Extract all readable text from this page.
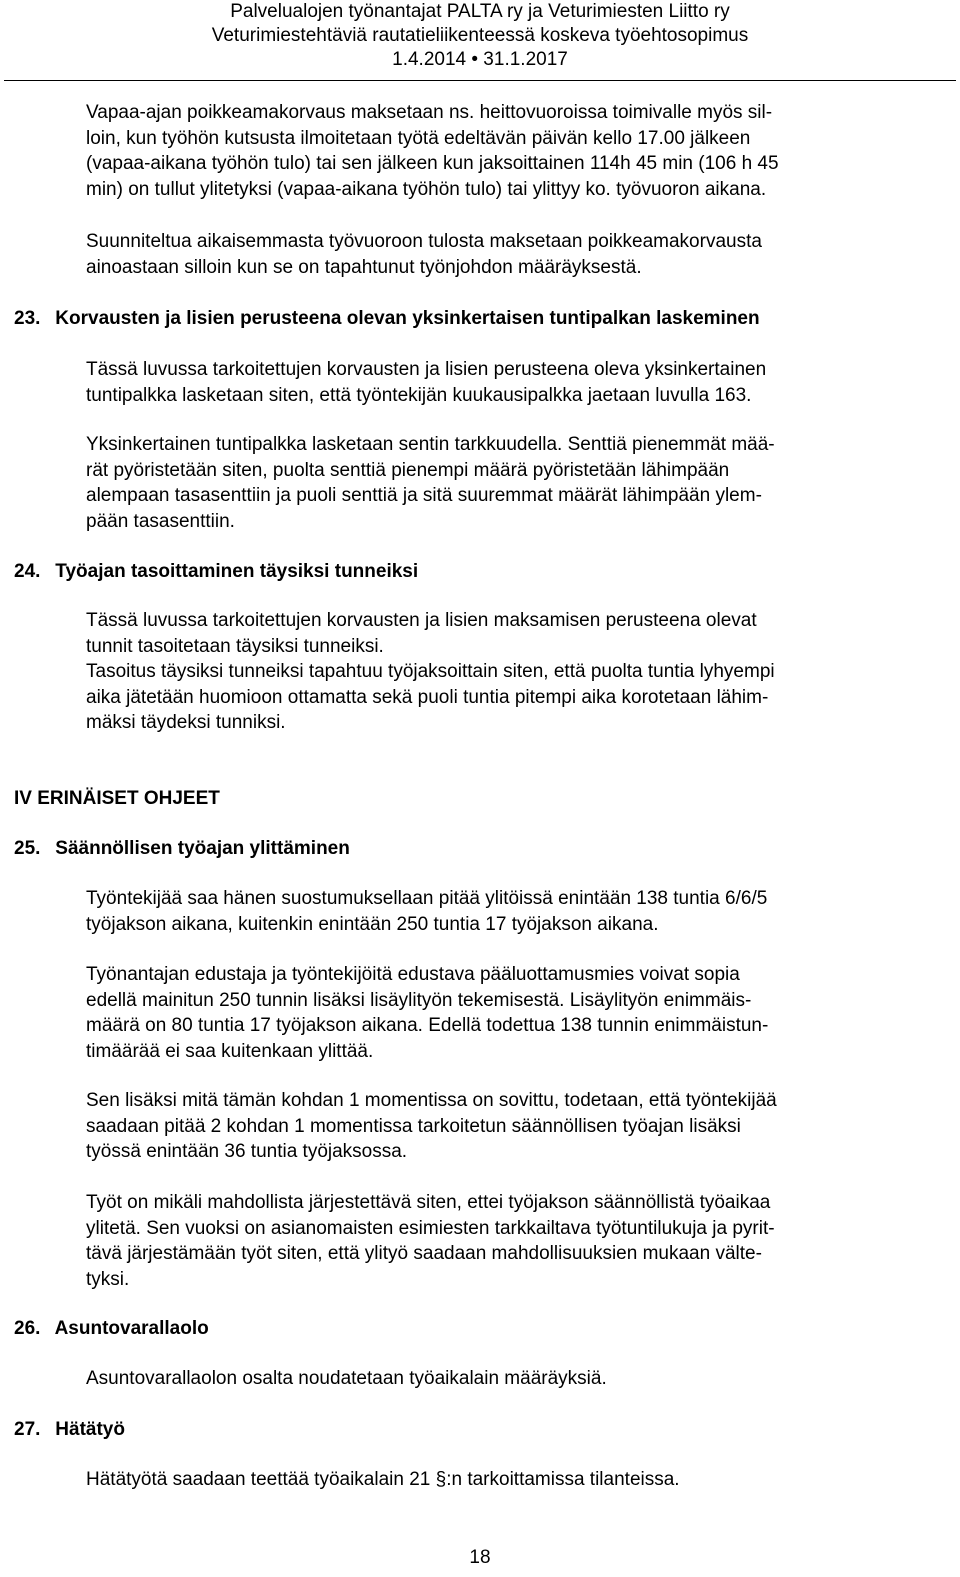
Palvelualojen työnantajat PALTA ry ja Veturimiesten Liitto ry
Veturimiestehtäviä rautatieliikenteessä koskeva työehtosopimus
1.4.2014 • 31.1.2017
Vapaa-ajan poikkeamakorvaus maksetaan ns. heittovuoroissa toimivalle myös sil-
loin, kun työhön kutsusta ilmoitetaan työtä edeltävän päivän kello 17.00 jälkeen
(vapaa-aikana työhön tulo) tai sen jälkeen kun jaksoittainen 114h 45 min (106 h 45
min) on tullut ylitetyksi (vapaa-aikana työhön tulo) tai ylittyy ko. työvuoron aikana.
Suunniteltua aikaisemmasta työvuoroon tulosta maksetaan poikkeamakorvausta
ainoastaan silloin kun se on tapahtunut työnjohdon määräyksestä.
23. Korvausten ja lisien perusteena olevan yksinkertaisen tuntipalkan laskeminen
Tässä luvussa tarkoitettujen korvausten ja lisien perusteena oleva yksinkertainen
tuntipalkka lasketaan siten, että työntekijän kuukausipalkka jaetaan luvulla 163.
Yksinkertainen tuntipalkka lasketaan sentin tarkkuudella. Senttiä pienemmät mää-
rät pyöristetään siten, puolta senttiä pienempi määrä pyöristetään lähimpään
alempaan tasasenttiin ja puoli senttiä ja sitä suuremmat määrät lähimpään ylem-
pään tasasenttiin.
24. Työajan tasoittaminen täysiksi tunneiksi
Tässä luvussa tarkoitettujen korvausten ja lisien maksamisen perusteena olevat
tunnit tasoitetaan täysiksi tunneiksi.
Tasoitus täysiksi tunneiksi tapahtuu työjaksoittain siten, että puolta tuntia lyhyempi
aika jätetään huomioon ottamatta sekä puoli tuntia pitempi aika korotetaan lähim-
mäksi täydeksi tunniksi.
IV ERINÄISET OHJEET
25. Säännöllisen työajan ylittäminen
Työntekijää saa hänen suostumuksellaan pitää ylitöissä enintään 138 tuntia 6/6/5
työjakson aikana, kuitenkin enintään 250 tuntia 17 työjakson aikana.
Työnantajan edustaja ja työntekijöitä edustava pääluottamusmies voivat sopia
edellä mainitun 250 tunnin lisäksi lisäylityön tekemisestä. Lisäylityön enimmäis-
määrä on 80 tuntia 17 työjakson aikana. Edellä todettua 138 tunnin enimmäistun-
timäärää ei saa kuitenkaan ylittää.
Sen lisäksi mitä tämän kohdan 1 momentissa on sovittu, todetaan, että työntekijää
saadaan pitää 2 kohdan 1 momentissa tarkoitetun säännöllisen työajan lisäksi
työssä enintään 36 tuntia työjaksossa.
Työt on mikäli mahdollista järjestettävä siten, ettei työjakson säännöllistä työaikaa
ylitetä. Sen vuoksi on asianomaisten esimiesten tarkkailtava työtuntilukuja ja pyrit-
tävä järjestämään työt siten, että ylityö saadaan mahdollisuuksien mukaan välte-
tyksi.
26. Asuntovarallaolo
Asuntovarallaolon osalta noudatetaan työaikalain määräyksiä.
27. Hätätyö
Hätätyötä saadaan teettää työaikalain 21 §:n tarkoittamissa tilanteissa.
18
